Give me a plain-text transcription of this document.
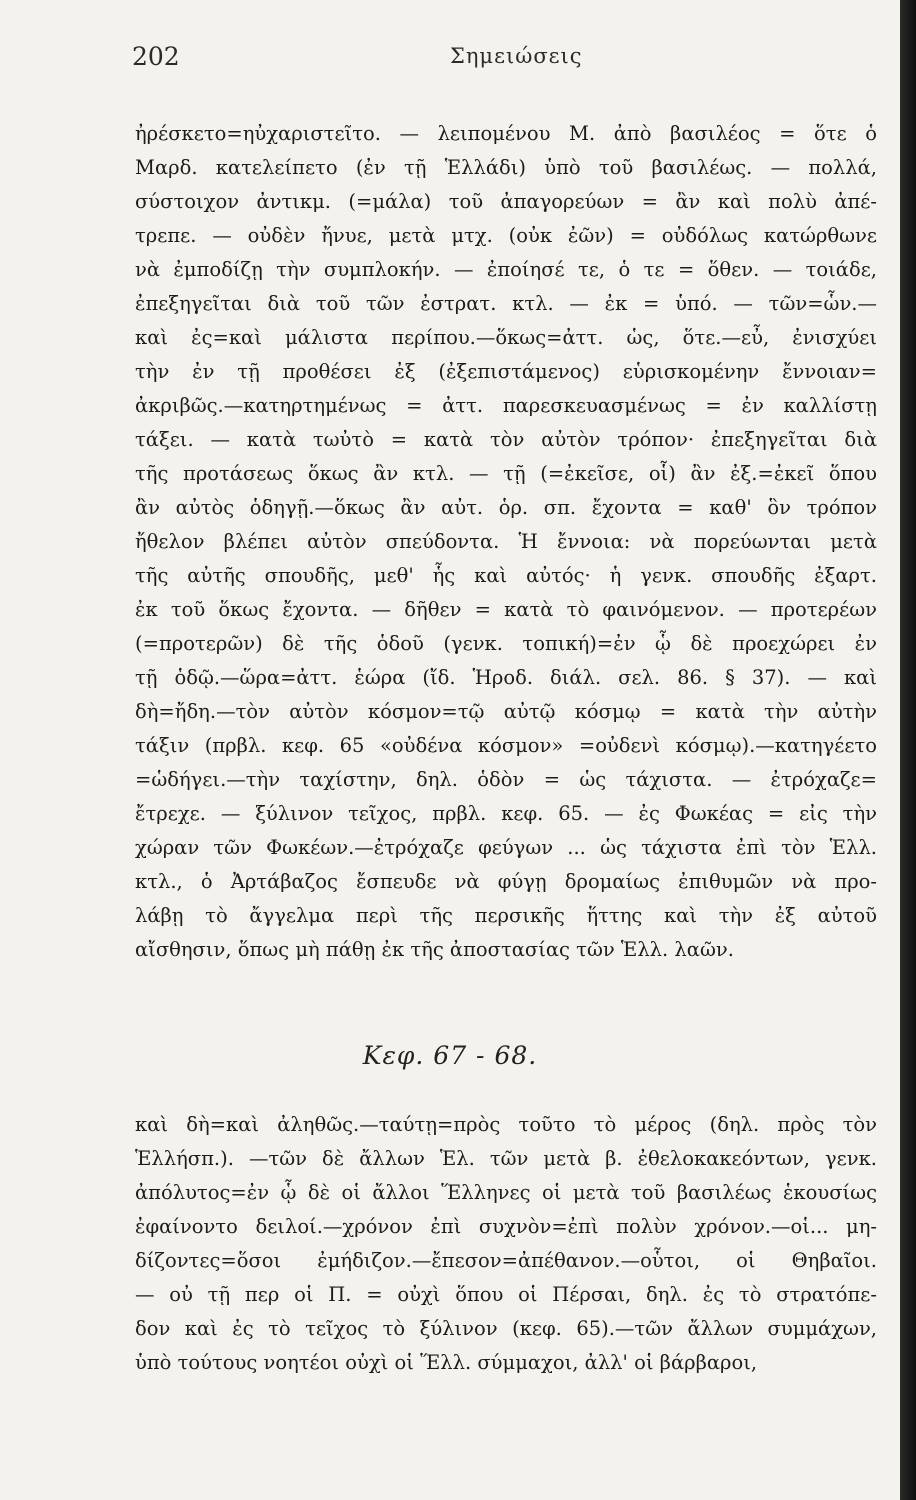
202	Σημειώσεις
ἠρέσκετο=ηὐχαριστεῖτο. — λειπομένου Μ. ἀπὸ βασιλέος = ὅτε ὁ
Μαρδ. κατελείπετο (ἐν τῇ Ἑλλάδι) ὑπὸ τοῦ βασιλέως. — πολλά,
σύστοιχον ἀντικμ. (=μάλα) τοῦ ἀπαγορεύων = ἂν καὶ πολὺ ἀπέ-
τρεπε. — οὐδὲν ἤνυε, μετὰ μτχ. (οὐκ ἐῶν) = οὐδόλως κατώρθωνε
νὰ ἐμποδίζῃ τὴν συμπλοκήν. — ἐποίησέ τε, ὁ τε = ὅθεν. — τοιάδε,
ἐπεξηγεῖται διὰ τοῦ τῶν ἐστρατ. κτλ. — ἐκ = ὑπό. — τῶν=ὧν.—
καὶ ἐς=καὶ μάλιστα περίπου.—ὅκως=ἀττ. ὡς, ὅτε.—εὖ, ἐνισχύει
τὴν ἐν τῇ προθέσει ἐξ (ἐξεπιστάμενος) εὑρισκομένην ἔννοιαν=
ἀκριβῶς.—κατηρτημένως = ἀττ. παρεσκευασμένως = ἐν καλλίστῃ
τάξει. — κατὰ τωὐτὸ = κατὰ τὸν αὐτὸν τρόπον· ἐπεξηγεῖται διὰ
τῆς προτάσεως ὅκως ἂν κτλ. — τῇ (=ἐκεῖσε, οἷ) ἂν ἐξ.=ἐκεῖ ὅπου
ἂν αὐτὸς ὁδηγῇ.—ὅκως ἂν αὐτ. ὁρ. σπ. ἔχοντα = καθ' ὃν τρόπον
ἤθελον βλέπει αὐτὸν σπεύδοντα. Ἡ ἔννοια: νὰ πορεύωνται μετὰ
τῆς αὐτῆς σπουδῆς, μεθ' ἧς καὶ αὐτός· ἡ γενκ. σπουδῆς ἐξαρτ.
ἐκ τοῦ ὅκως ἔχοντα. — δῆθεν = κατὰ τὸ φαινόμενον. — προτερέων
(=προτερῶν) δὲ τῆς ὁδοῦ (γενκ. τοπική)=ἐν ᾧ δὲ προεχώρει ἐν
τῇ ὁδῷ.—ὥρα=ἀττ. ἑώρα (ἴδ. Ἡροδ. διάλ. σελ. 86. § 37). — καὶ
δὴ=ἤδη.—τὸν αὐτὸν κόσμον=τῷ αὐτῷ κόσμῳ = κατὰ τὴν αὐτὴν
τάξιν (πρβλ. κεφ. 65 «οὐδένα κόσμον» =οὐδενὶ κόσμῳ).—κατηγέετο
=ὡδήγει.—τὴν ταχίστην, δηλ. ὁδὸν = ὡς τάχιστα. — ἐτρόχαζε=
ἔτρεχε. — ξύλινον τεῖχος, πρβλ. κεφ. 65. — ἐς Φωκέας = εἰς τὴν
χώραν τῶν Φωκέων.—ἐτρόχαζε φεύγων ... ὡς τάχιστα ἐπὶ τὸν Ἑλλ.
κτλ., ὁ Ἀρτάβαζος ἔσπευδε νὰ φύγῃ δρομαίως ἐπιθυμῶν νὰ προ-
λάβῃ τὸ ἄγγελμα περὶ τῆς περσικῆς ἥττης καὶ τὴν ἐξ αὐτοῦ
αἴσθησιν, ὅπως μὴ πάθῃ ἐκ τῆς ἀποστασίας τῶν Ἑλλ. λαῶν.
Κεφ. 67 - 68.
καὶ δὴ=καὶ ἀληθῶς.—ταύτῃ=πρὸς τοῦτο τὸ μέρος (δηλ. πρὸς τὸν
Ἑλλήσπ.). —τῶν δὲ ἄλλων Ἑλ. τῶν μετὰ β. ἐθελοκακεόντων, γενκ.
ἀπόλυτος=ἐν ᾧ δὲ οἱ ἄλλοι Ἕλληνες οἱ μετὰ τοῦ βασιλέως ἑκουσίως
ἐφαίνοντο δειλοί.—χρόνον ἐπὶ συχνὸν=ἐπὶ πολὺν χρόνον.—οἱ... μη-
δίζοντες=ὅσοι ἐμήδιζον.—ἔπεσον=ἀπέθανον.—οὗτοι, οἱ Θηβαῖοι.
— οὐ τῇ περ οἱ Π. = οὐχὶ ὅπου οἱ Πέρσαι, δηλ. ἐς τὸ στρατόπε-
δον καὶ ἐς τὸ τεῖχος τὸ ξύλινον (κεφ. 65).—τῶν ἄλλων συμμάχων,
ὑπὸ τούτους νοητέοι οὐχὶ οἱ Ἕλλ. σύμμαχοι, ἀλλ' οἱ βάρβαροι,
